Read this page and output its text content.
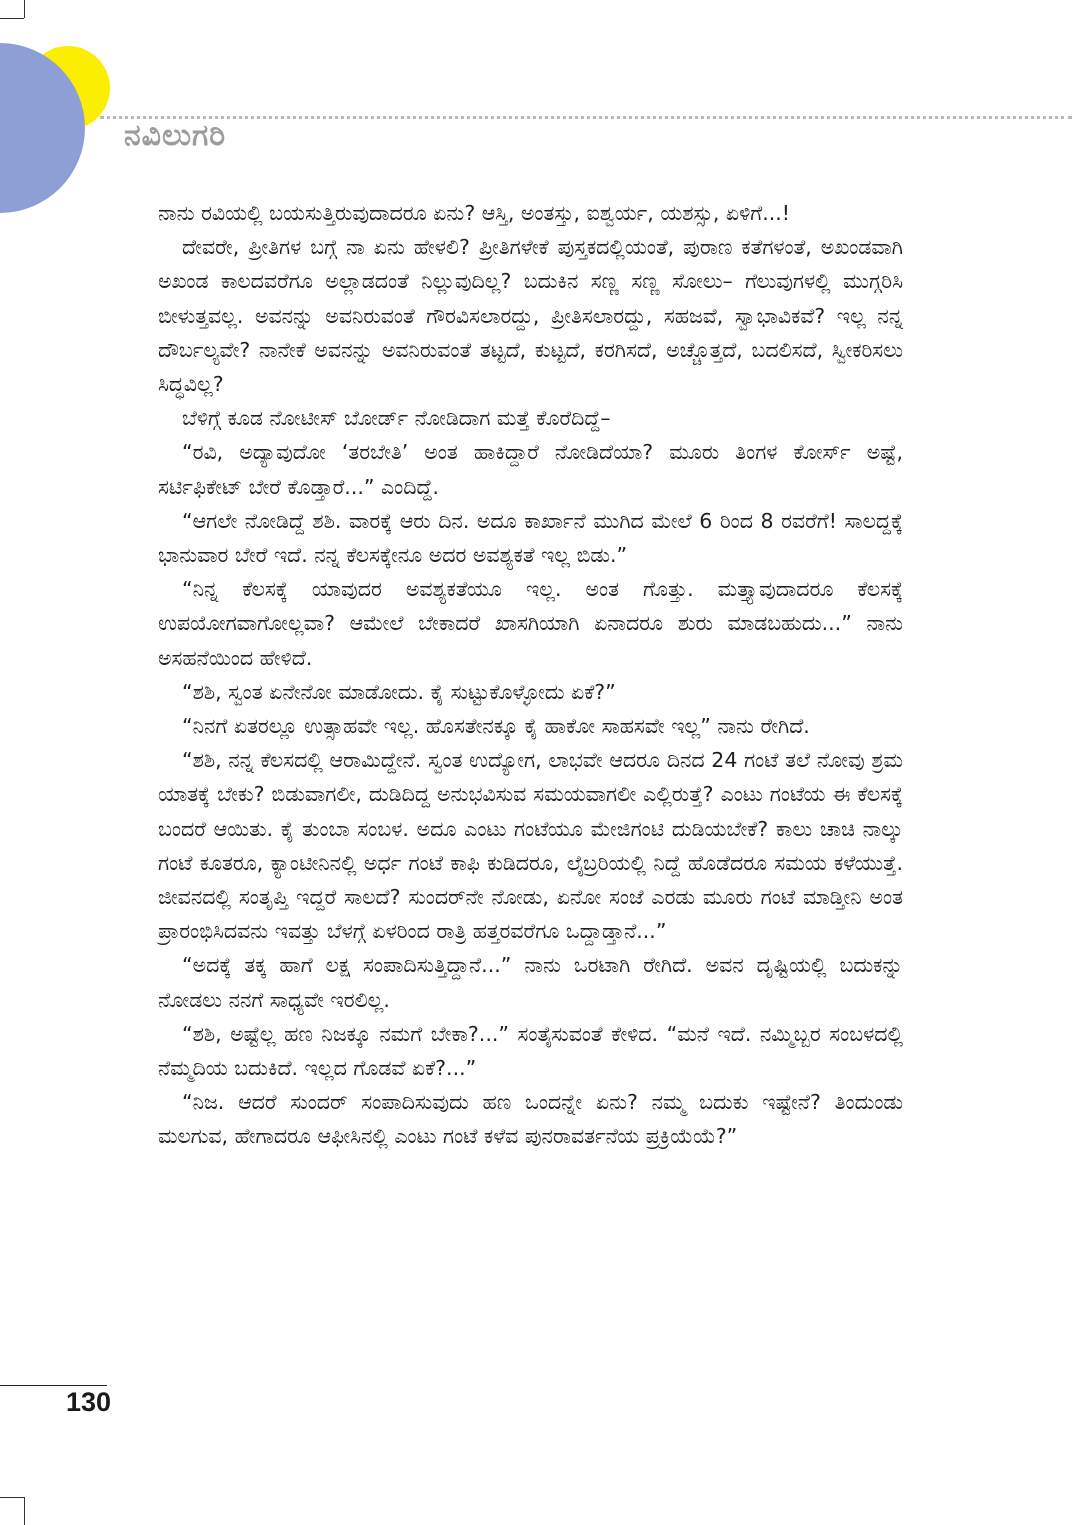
ನವಿಲುಗರಿ

ನಾನು ರವಿಯಲ್ಲಿ ಬಯಸುತ್ತಿರುವುದಾದರೂ ಏನು? ಆಸ್ತಿ, ಅಂತಸ್ತು, ಐಶ್ವರ್ಯ, ಯಶಸ್ಸು, ಏಳಿಗೆ...!

ದೇವರೇ, ಪ್ರೀತಿಗಳ ಬಗ್ಗೆ ನಾ ಏನು ಹೇಳಲಿ? ಪ್ರೀತಿಗಳೇಕೆ ಪುಸ್ತಕದಲ್ಲಿಯಂತೆ, ಪುರಾಣ ಕತೆಗಳಂತೆ, ಅಖಂಡವಾಗಿ ಅಖಂಡ ಕಾಲದವರೆಗೂ ಅಲ್ಲಾಡದಂತೆ ನಿಲ್ಲುವುದಿಲ್ಲ? ಬದುಕಿನ ಸಣ್ಣ ಸಣ್ಣ ಸೋಲು– ಗೆಲುವುಗಳಲ್ಲಿ ಮುಗ್ಗರಿಸಿ ಬೀಳುತ್ತವಲ್ಲ. ಅವನನ್ನು ಅವನಿರುವಂತೆ ಗೌರವಿಸಲಾರದ್ದು, ಪ್ರೀತಿಸಲಾರದ್ದು, ಸಹಜವೆ, ಸ್ವಾಭಾವಿಕವೆ? ಇಲ್ಲ ನನ್ನ ದೌರ್ಬಲ್ಯವೇ? ನಾನೇಕೆ ಅವನನ್ನು ಅವನಿರುವಂತೆ ತಟ್ಟದೆ, ಕುಟ್ಟದೆ, ಕರಗಿಸದೆ, ಅಚ್ಚೊತ್ತದೆ, ಬದಲಿಸದೆ, ಸ್ವೀಕರಿಸಲು ಸಿದ್ಧವಿಲ್ಲ?

ಬೆಳಿಗ್ಗೆ ಕೂಡ ನೋಟೀಸ್ ಬೋರ್ಡ್ ನೋಡಿದಾಗ ಮತ್ತೆ ಕೊರೆದಿದ್ದೆ–

“ರವಿ, ಅದ್ಯಾವುದೋ ‘ತರಬೇತಿ’ ಅಂತ ಹಾಕಿದ್ದಾರೆ ನೋಡಿದೆಯಾ? ಮೂರು ತಿಂಗಳ ಕೋರ್ಸ್ ಅಷ್ಟೆ, ಸರ್ಟಿಫಿಕೇಟ್ ಬೇರೆ ಕೊಡ್ತಾರೆ...” ಎಂದಿದ್ದೆ.

“ಆಗಲೇ ನೋಡಿದ್ದೆ ಶಶಿ. ವಾರಕ್ಕೆ ಆರು ದಿನ. ಅದೂ ಕಾರ್ಖಾನೆ ಮುಗಿದ ಮೇಲೆ 6 ರಿಂದ 8 ರವರೆಗೆ! ಸಾಲದ್ದಕ್ಕೆ ಭಾನುವಾರ ಬೇರೆ ಇದೆ. ನನ್ನ ಕೆಲಸಕ್ಕೇನೂ ಅದರ ಅವಶ್ಯಕತೆ ಇಲ್ಲ ಬಿಡು.”

“ನಿನ್ನ ಕೆಲಸಕ್ಕೆ ಯಾವುದರ ಅವಶ್ಯಕತೆಯೂ ಇಲ್ಲ. ಅಂತ ಗೊತ್ತು. ಮತ್ತ್ಯಾವುದಾದರೂ ಕೆಲಸಕ್ಕೆ ಉಪಯೋಗವಾಗೋಲ್ಲವಾ? ಆಮೇಲೆ ಬೇಕಾದರೆ ಖಾಸಗಿಯಾಗಿ ಏನಾದರೂ ಶುರು ಮಾಡಬಹುದು...” ನಾನು ಅಸಹನೆಯಿಂದ ಹೇಳಿದೆ.

“ಶಶಿ, ಸ್ವಂತ ಏನೇನೋ ಮಾಡೋದು. ಕೈ ಸುಟ್ಟುಕೊಳ್ಳೋದು ಏಕೆ?”

“ನಿನಗೆ ಏತರಲ್ಲೂ ಉತ್ಸಾಹವೇ ಇಲ್ಲ. ಹೊಸತೇನಕ್ಕೂ ಕೈ ಹಾಕೋ ಸಾಹಸವೇ ಇಲ್ಲ” ನಾನು ರೇಗಿದೆ.

“ಶಶಿ, ನನ್ನ ಕೆಲಸದಲ್ಲಿ ಆರಾಮಿದ್ದೇನೆ. ಸ್ವಂತ ಉದ್ಯೋಗ, ಲಾಭವೇ ಆದರೂ ದಿನದ 24 ಗಂಟೆ ತಲೆ ನೋವು ಶ್ರಮ ಯಾತಕ್ಕೆ ಬೇಕು? ಬಿಡುವಾಗಲೀ, ದುಡಿದಿದ್ದ ಅನುಭವಿಸುವ ಸಮಯವಾಗಲೀ ಎಲ್ಲಿರುತ್ತೆ? ಎಂಟು ಗಂಟೆಯ ಈ ಕೆಲಸಕ್ಕೆ ಬಂದರೆ ಆಯಿತು. ಕೈ ತುಂಬಾ ಸಂಬಳ. ಅದೂ ಎಂಟು ಗಂಟೆಯೂ ಮೇಜಿಗಂಟಿ ದುಡಿಯಬೇಕೆ? ಕಾಲು ಚಾಚಿ ನಾಲ್ಕು ಗಂಟೆ ಕೂತರೂ, ಕ್ಯಾಂಟೀನಿನಲ್ಲಿ ಅರ್ಧ ಗಂಟೆ ಕಾಫಿ ಕುಡಿದರೂ, ಲೈಬ್ರರಿಯಲ್ಲಿ ನಿದ್ದೆ ಹೊಡೆದರೂ ಸಮಯ ಕಳೆಯುತ್ತೆ. ಜೀವನದಲ್ಲಿ ಸಂತೃಪ್ತಿ ಇದ್ದರೆ ಸಾಲದೆ? ಸುಂದರ್‌ನೇ ನೋಡು, ಏನೋ ಸಂಜೆ ಎರಡು ಮೂರು ಗಂಟೆ ಮಾಡ್ತೀನಿ ಅಂತ ಪ್ರಾರಂಭಿಸಿದವನು ಇವತ್ತು ಬೆಳಗ್ಗೆ ಏಳರಿಂದ ರಾತ್ರಿ ಹತ್ತರವರೆಗೂ ಒದ್ದಾಡ್ತಾನೆ...”

“ಅದಕ್ಕೆ ತಕ್ಕ ಹಾಗೆ ಲಕ್ಷ ಸಂಪಾದಿಸುತ್ತಿದ್ದಾನೆ...” ನಾನು ಒರಟಾಗಿ ರೇಗಿದೆ. ಅವನ ದೃಷ್ಟಿಯಲ್ಲಿ ಬದುಕನ್ನು ನೋಡಲು ನನಗೆ ಸಾಧ್ಯವೇ ಇರಲಿಲ್ಲ.

“ಶಶಿ, ಅಷ್ಟೆಲ್ಲ ಹಣ ನಿಜಕ್ಕೂ ನಮಗೆ ಬೇಕಾ?...” ಸಂತೈಸುವಂತೆ ಕೇಳಿದ. “ಮನೆ ಇದೆ. ನಮ್ಮಿಬ್ಬರ ಸಂಬಳದಲ್ಲಿ ನೆಮ್ಮದಿಯ ಬದುಕಿದೆ. ಇಲ್ಲದ ಗೊಡವೆ ಏಕೆ?...”

“ನಿಜ. ಆದರೆ ಸುಂದರ್ ಸಂಪಾದಿಸುವುದು ಹಣ ಒಂದನ್ನೇ ಏನು? ನಮ್ಮ ಬದುಕು ಇಷ್ಟೇನೆ? ತಿಂದುಂಡು ಮಲಗುವ, ಹೇಗಾದರೂ ಆಫೀಸಿನಲ್ಲಿ ಎಂಟು ಗಂಟೆ ಕಳೆವ ಪುನರಾವರ್ತನೆಯ ಪ್ರಕ್ರಿಯೆಯೆ?”

130
